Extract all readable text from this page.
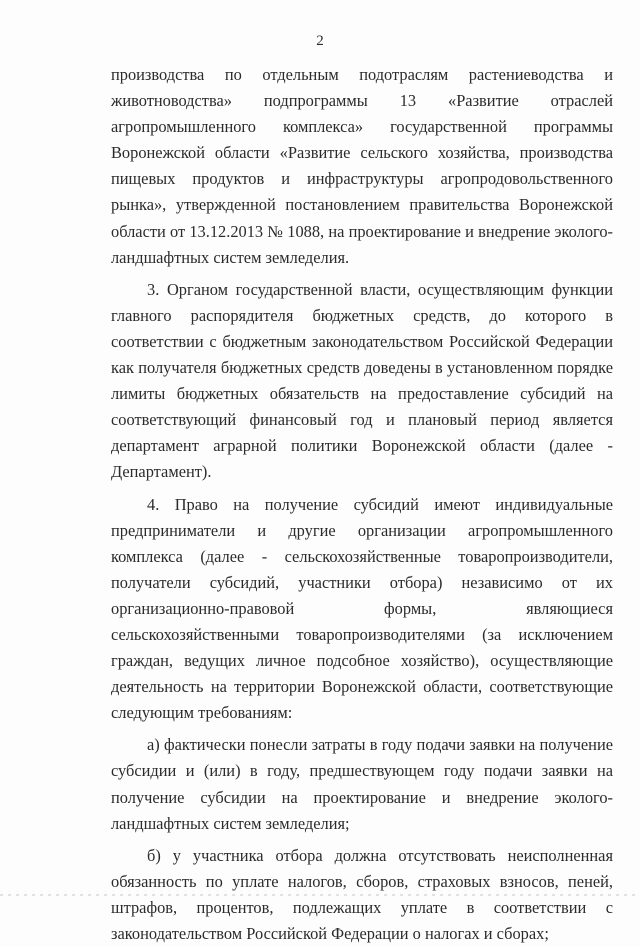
2

производства по отдельным подотраслям растениеводства и животноводства» подпрограммы 13 «Развитие отраслей агропромышленного комплекса» государственной программы Воронежской области «Развитие сельского хозяйства, производства пищевых продуктов и инфраструктуры агропродовольственного рынка», утвержденной постановлением правительства Воронежской области от 13.12.2013 № 1088, на проектирование и внедрение эколого-ландшафтных систем земледелия.

3. Органом государственной власти, осуществляющим функции главного распорядителя бюджетных средств, до которого в соответствии с бюджетным законодательством Российской Федерации как получателя бюджетных средств доведены в установленном порядке лимиты бюджетных обязательств на предоставление субсидий на соответствующий финансовый год и плановый период является департамент аграрной политики Воронежской области (далее - Департамент).

4. Право на получение субсидий имеют индивидуальные предприниматели и другие организации агропромышленного комплекса (далее - сельскохозяйственные товаропроизводители, получатели субсидий, участники отбора) независимо от их организационно-правовой формы, являющиеся сельскохозяйственными товаропроизводителями (за исключением граждан, ведущих личное подсобное хозяйство), осуществляющие деятельность на территории Воронежской области, соответствующие следующим требованиям:

а) фактически понесли затраты в году подачи заявки на получение субсидии и (или) в году, предшествующем году подачи заявки на получение субсидии на проектирование и внедрение эколого-ландшафтных систем земледелия;

б) у участника отбора должна отсутствовать неисполненная обязанность по уплате налогов, сборов, страховых взносов, пеней, штрафов, процентов, подлежащих уплате в соответствии с законодательством Российской Федерации о налогах и сборах;
